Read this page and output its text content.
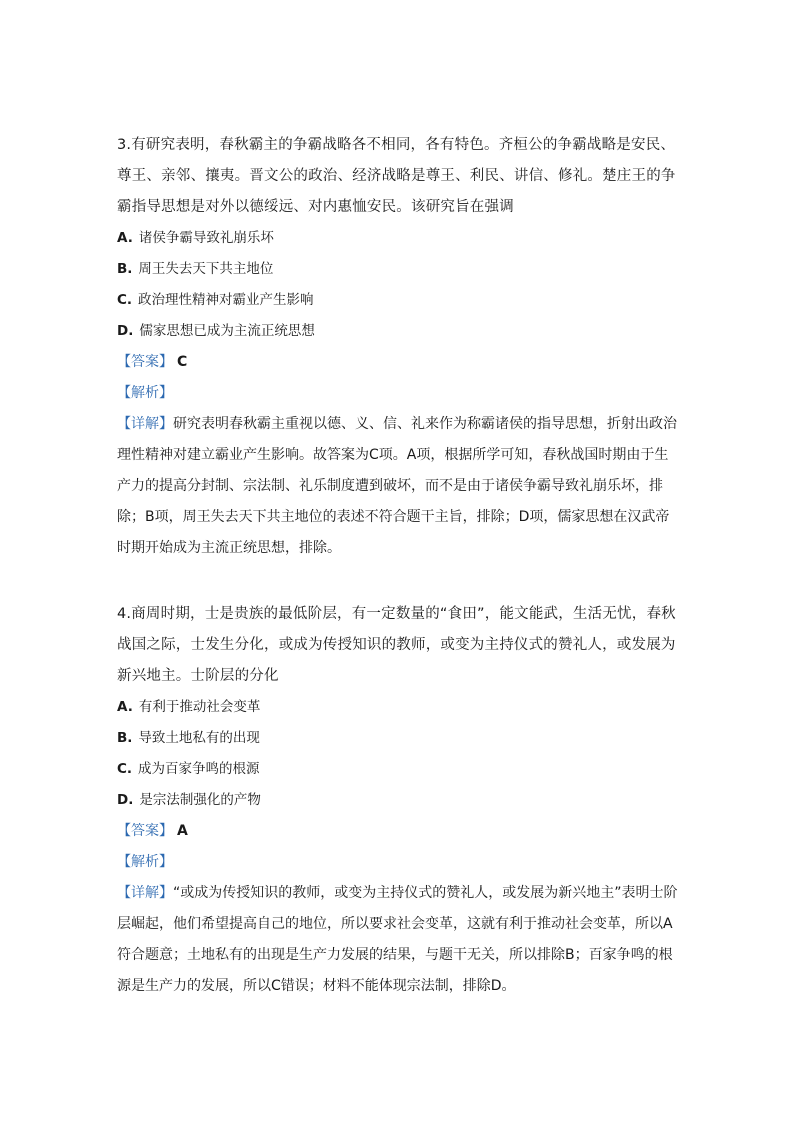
3.有研究表明，春秋霸主的争霸战略各不相同，各有特色。齐桓公的争霸战略是安民、尊王、亲邻、攘夷。晋文公的政治、经济战略是尊王、利民、讲信、修礼。楚庄王的争霸指导思想是对外以德绥远、对内惠恤安民。该研究旨在强调

A. 诸侯争霸导致礼崩乐坏
B. 周王失去天下共主地位
C. 政治理性精神对霸业产生影响
D. 儒家思想已成为主流正统思想
【答案】 C
【解析】

【详解】研究表明春秋霸主重视以德、义、信、礼来作为称霸诸侯的指导思想，折射出政治理性精神对建立霸业产生影响。故答案为C项。A项，根据所学可知，春秋战国时期由于生产力的提高分封制、宗法制、礼乐制度遭到破坏，而不是由于诸侯争霸导致礼崩乐坏，排除；B项，周王失去天下共主地位的表述不符合题干主旨，排除；D项，儒家思想在汉武帝时期开始成为主流正统思想，排除。

4.商周时期，士是贵族的最低阶层，有一定数量的“食田”，能文能武，生活无忧，春秋战国之际，士发生分化，或成为传授知识的教师，或变为主持仪式的赞礼人，或发展为新兴地主。士阶层的分化

A. 有利于推动社会变革
B. 导致土地私有的出现
C. 成为百家争鸣的根源
D. 是宗法制强化的产物
【答案】 A
【解析】

【详解】“或成为传授知识的教师，或变为主持仪式的赞礼人，或发展为新兴地主”表明士阶层崛起，他们希望提高自己的地位，所以要求社会变革，这就有利于推动社会变革，所以A符合题意；土地私有的出现是生产力发展的结果，与题干无关，所以排除B；百家争鸣的根源是生产力的发展，所以C错误；材料不能体现宗法制，排除D。
